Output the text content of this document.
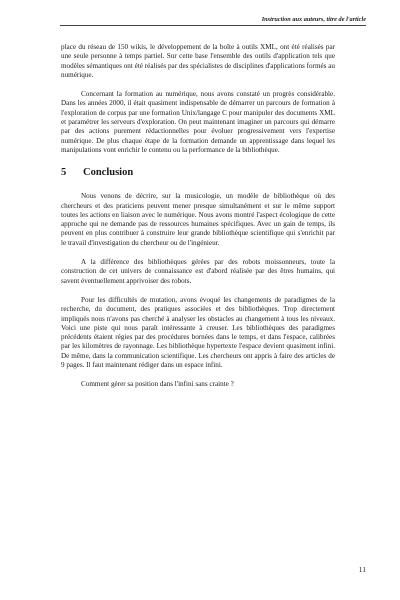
Instruction aux auteurs, titre de l'article

place du réseau de 150 wikis, le développement de la boîte à outils XML, ont été réalisés par une seule personne à temps partiel. Sur cette base l'ensemble des outils d'application tels que modèles sémantiques ont été réalisés par des spécialistes de disciplines d'applications formés au numérique.

Concernant la formation au numérique, nous avons constaté un progrès considérable. Dans les années 2000, il était quasiment indispensable de démarrer un parcours de formation à l'exploration de corpus par une formation Unix/langage C pour manipuler des documents XML et paramétrer les serveurs d'exploration. On peut maintenant imaginer un parcours qui démarre par des actions purement rédactionnelles pour évoluer progressivement vers l'expertise numérique. De plus chaque étape de la formation demande un apprentissage dans lequel les manipulations vont enrichir le contenu ou la performance de la bibliothèque.

5	Conclusion

Nous venons de décrire, sur la musicologie, un modèle de bibliothèque où des chercheurs et des praticiens peuvent mener presque simultanément et sur le même support toutes les actions en liaison avec le numérique. Nous avons montré l'aspect écologique de cette approche qui ne demande pas de ressources humaines spécifiques. Avec un gain de temps, ils peuvent en plus contribuer à construire leur grande bibliothèque scientifique qui s'enrichit par le travail d'investigation du chercheur ou de l'ingénieur.

A la différence des bibliothèques gérées par des robots moissonneurs, toute la construction de cet univers de connaissance est d'abord réalisée par des êtres humains, qui savent éventuellement apprivoiser des robots.

Pour les difficultés de mutation, avons évoqué les changements de paradigmes de la recherche, du document, des pratiques associées et des bibliothèques. Trop directement impliqués nous n'avons pas cherché à analyser les obstacles au changement à tous les niveaux. Voici une piste qui nous paraît intéressante à creuser. Les bibliothèques des paradigmes précédents étaient régies par des procédures bornées dans le temps, et dans l'espace, calibrées par les kilomètres de rayonnage. Les bibliothèque hypertexte l'espace devient quasiment infini. De même, dans la communication scientifique. Les chercheurs ont appris à faire des articles de 9 pages. Il faut maintenant rédiger dans un espace infini.

Comment gérer sa position dans l'infini sans crainte ?

11
